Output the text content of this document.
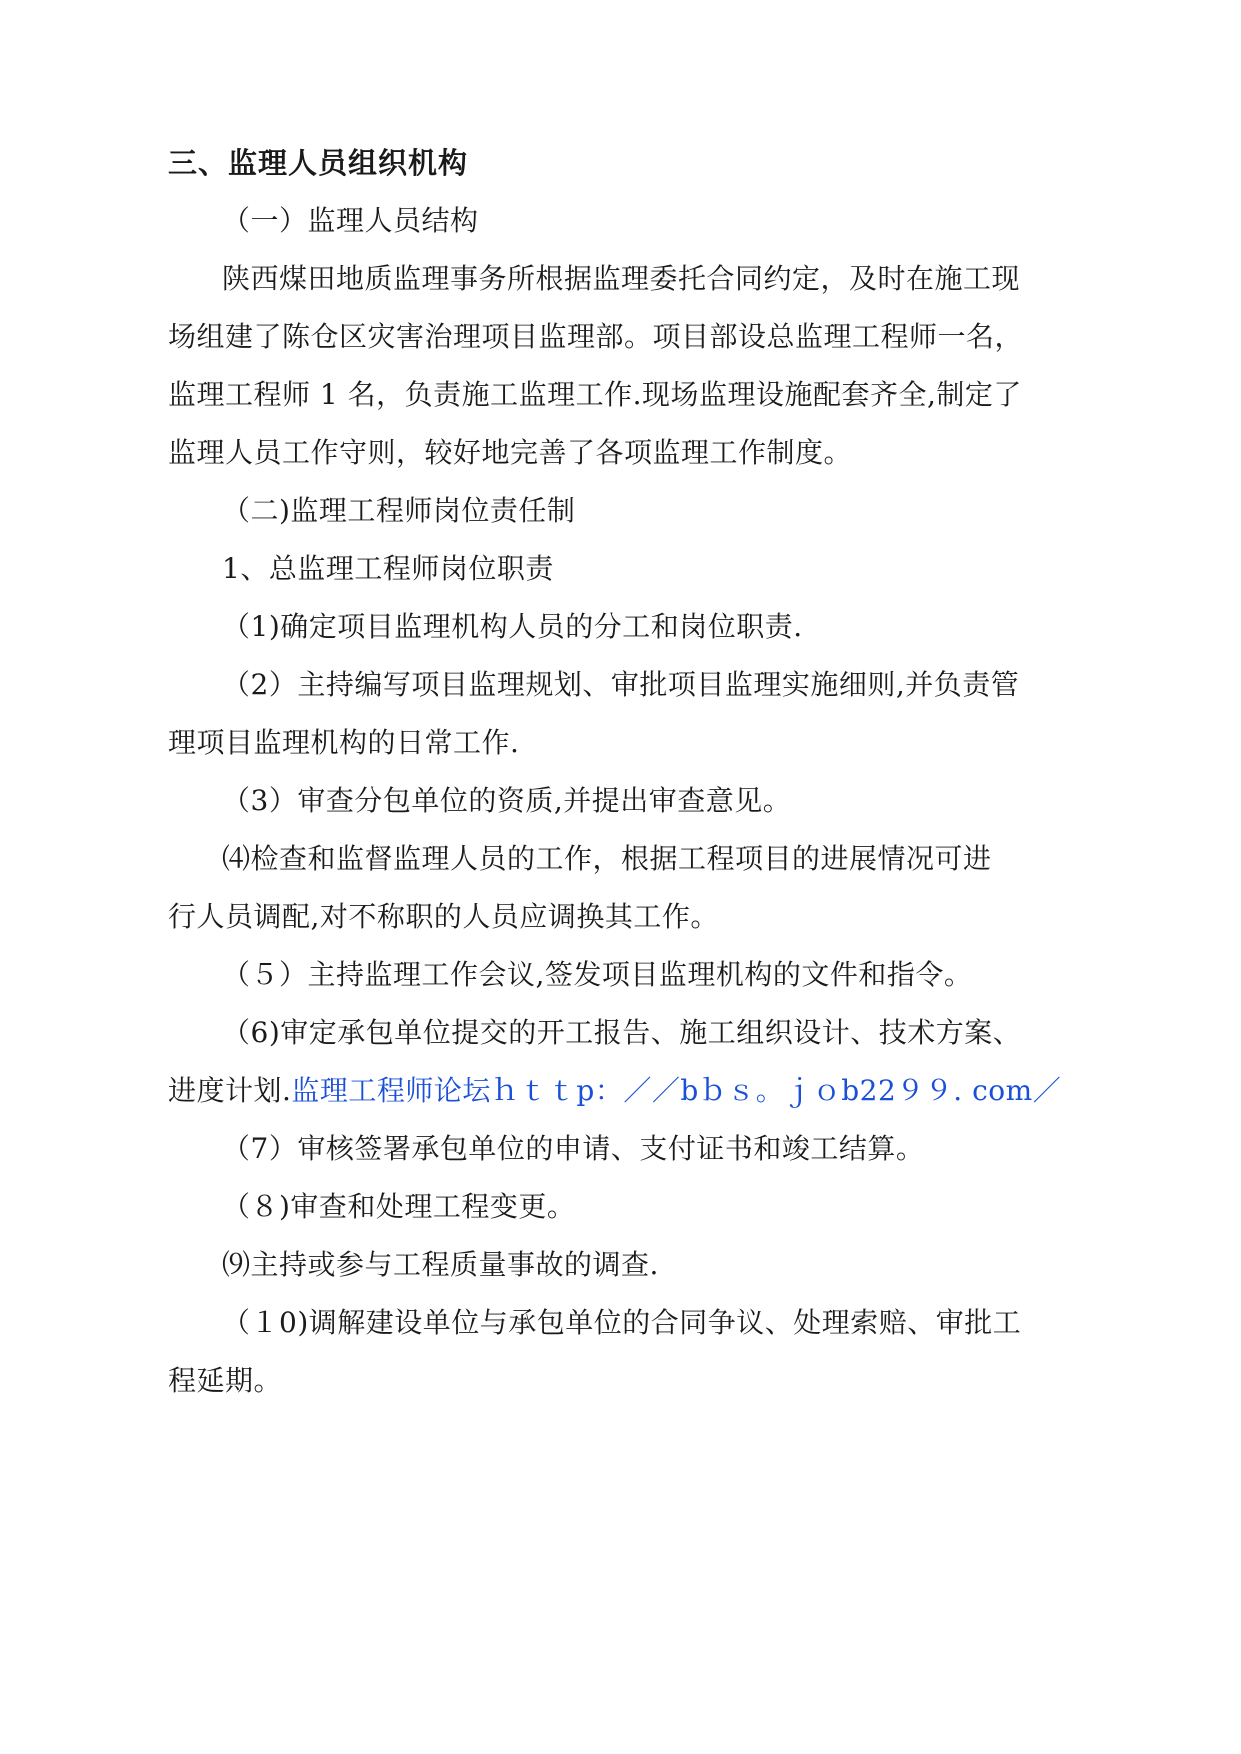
三、监理人员组织机构
（一）监理人员结构
陕西煤田地质监理事务所根据监理委托合同约定，及时在施工现
场组建了陈仓区灾害治理项目监理部。项目部设总监理工程师一名，
监理工程师 1 名，负责施工监理工作.现场监理设施配套齐全,制定了
监理人员工作守则，较好地完善了各项监理工作制度。
（二)监理工程师岗位责任制
1、总监理工程师岗位职责
（1)确定项目监理机构人员的分工和岗位职责.
（2）主持编写项目监理规划、审批项目监理实施细则,并负责管
理项目监理机构的日常工作.
（3）审查分包单位的资质,并提出审查意见。
⑷检查和监督监理人员的工作，根据工程项目的进展情况可进
行人员调配,对不称职的人员应调换其工作。
（５）主持监理工作会议,签发项目监理机构的文件和指令。
（6)审定承包单位提交的开工报告、施工组织设计、技术方案、
进度计划.监理工程师论坛ｈｔｔp：／／bｂｓ。ｊｏb22９９. com／
（7）审核签署承包单位的申请、支付证书和竣工结算。
（８)审查和处理工程变更。
⑼主持或参与工程质量事故的调查.
（１0)调解建设单位与承包单位的合同争议、处理索赔、审批工
程延期。
